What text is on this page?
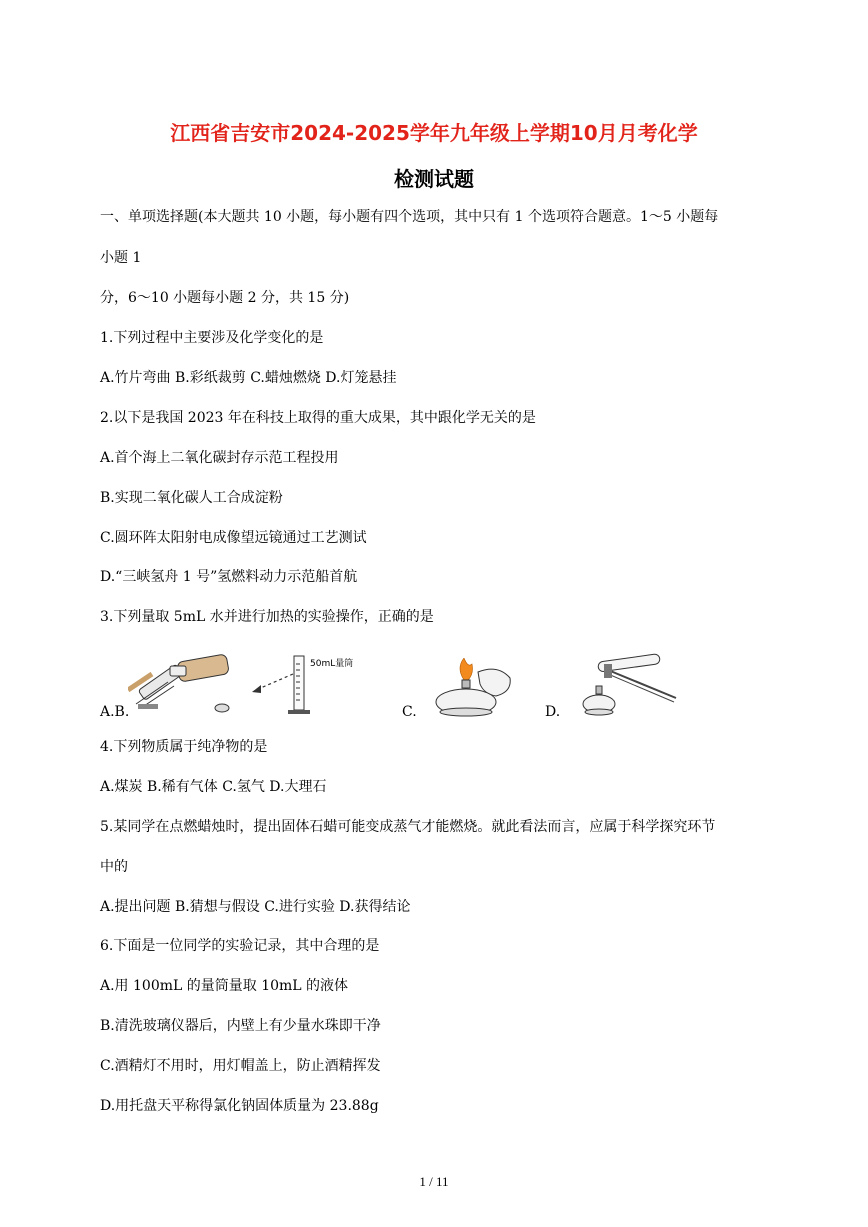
江西省吉安市2024-2025学年九年级上学期10月月考化学
检测试题
一、单项选择题(本大题共 10 小题，每小题有四个选项，其中只有 1 个选项符合题意。1～5 小题每
小题 1
分，6～10 小题每小题 2 分，共 15 分)
1.下列过程中主要涉及化学变化的是
A.竹片弯曲 B.彩纸裁剪 C.蜡烛燃烧 D.灯笼悬挂
2.以下是我国 2023 年在科技上取得的重大成果，其中跟化学无关的是
A.首个海上二氧化碳封存示范工程投用
B.实现二氧化碳人工合成淀粉
C.圆环阵太阳射电成像望远镜通过工艺测试
D.“三峡氢舟 1 号”氢燃料动力示范船首航
3.下列量取 5mL 水并进行加热的实验操作，正确的是
A.B.
50mL量筒
C.	D.
4.下列物质属于纯净物的是
A.煤炭 B.稀有气体 C.氢气 D.大理石
5.某同学在点燃蜡烛时，提出固体石蜡可能变成蒸气才能燃烧。就此看法而言，应属于科学探究环节
中的
A.提出问题 B.猜想与假设 C.进行实验 D.获得结论
6.下面是一位同学的实验记录，其中合理的是
A.用 100mL 的量筒量取 10mL 的液体
B.清洗玻璃仪器后，内壁上有少量水珠即干净
C.酒精灯不用时，用灯帽盖上，防止酒精挥发
D.用托盘天平称得氯化钠固体质量为 23.88g
1 / 11
